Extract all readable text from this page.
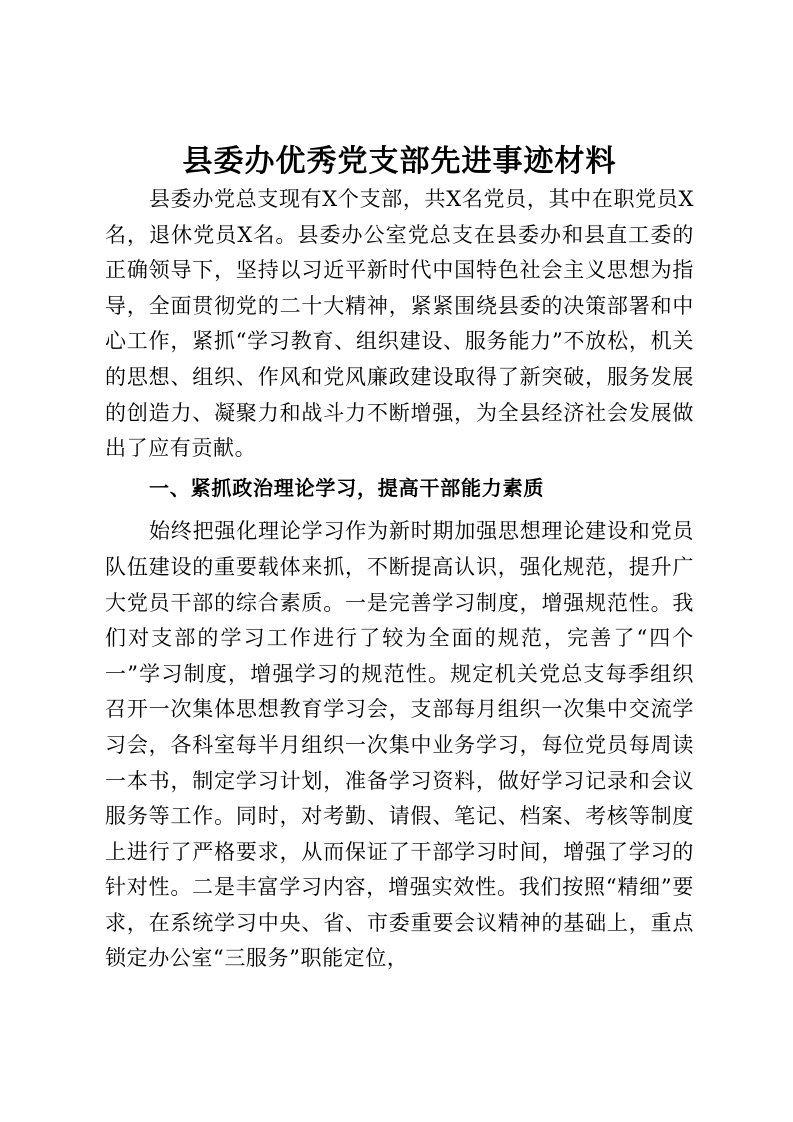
县委办优秀党支部先进事迹材料

县委办党总支现有X个支部，共X名党员，其中在职党员X名，退休党员X名。县委办公室党总支在县委办和县直工委的正确领导下，坚持以习近平新时代中国特色社会主义思想为指导，全面贯彻党的二十大精神，紧紧围绕县委的决策部署和中心工作，紧抓“学习教育、组织建设、服务能力”不放松，机关的思想、组织、作风和党风廉政建设取得了新突破，服务发展的创造力、凝聚力和战斗力不断增强，为全县经济社会发展做出了应有贡献。

一、紧抓政治理论学习，提高干部能力素质

始终把强化理论学习作为新时期加强思想理论建设和党员队伍建设的重要载体来抓，不断提高认识，强化规范，提升广大党员干部的综合素质。一是完善学习制度，增强规范性。我们对支部的学习工作进行了较为全面的规范，完善了“四个一”学习制度，增强学习的规范性。规定机关党总支每季组织召开一次集体思想教育学习会，支部每月组织一次集中交流学习会，各科室每半月组织一次集中业务学习，每位党员每周读一本书，制定学习计划，准备学习资料，做好学习记录和会议服务等工作。同时，对考勤、请假、笔记、档案、考核等制度上进行了严格要求，从而保证了干部学习时间，增强了学习的针对性。二是丰富学习内容，增强实效性。我们按照“精细”要求，在系统学习中央、省、市委重要会议精神的基础上，重点锁定办公室“三服务”职能定位，
